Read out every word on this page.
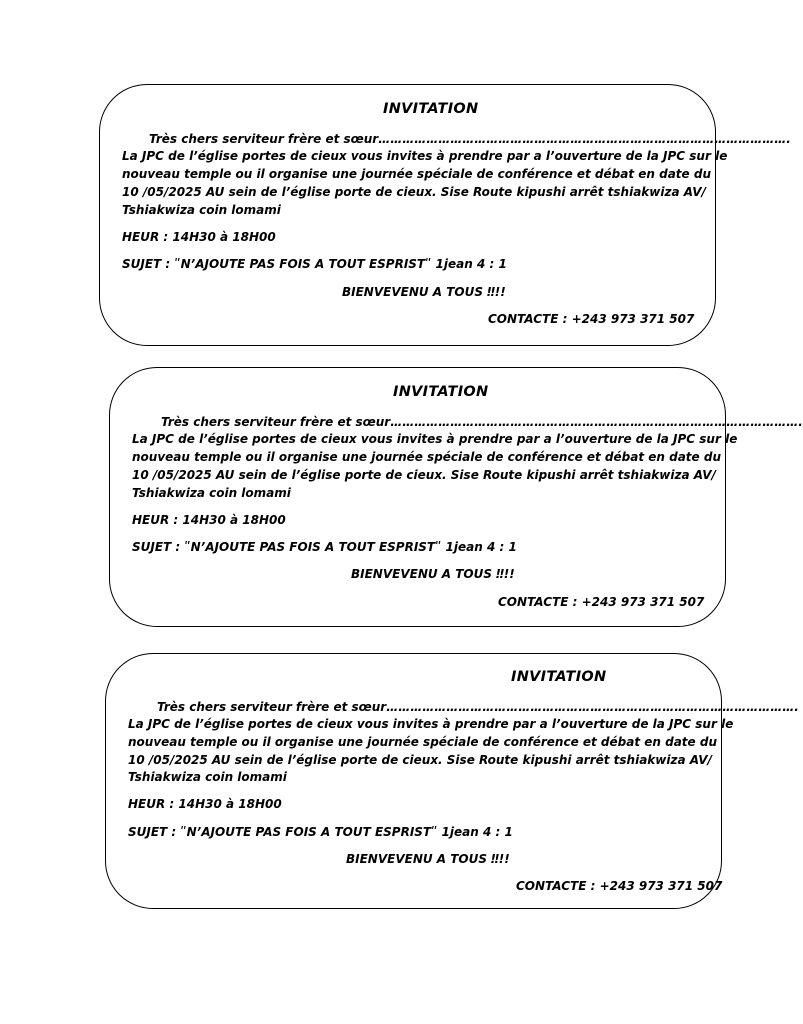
INVITATION
Très chers serviteur frère et sœur………………………………………………………………………………………….
La JPC de l’église portes de cieux vous invites à prendre par a l’ouverture de la JPC sur le
nouveau temple ou il organise une journée spéciale de conférence et débat en date du
10 /05/2025 AU sein de l’église porte de cieux. Sise Route kipushi arrêt tshiakwiza AV/
Tshiakwiza coin lomami
HEUR : 14H30 à 18H00
SUJET : ʺN’AJOUTE PAS FOIS A TOUT ESPRISTʺ 1jean 4 : 1
BIENVEVENU A TOUS ‼!!
CONTACTE : +243 973 371 507
INVITATION
Très chers serviteur frère et sœur………………………………………………………………………………………….
La JPC de l’église portes de cieux vous invites à prendre par a l’ouverture de la JPC sur le
nouveau temple ou il organise une journée spéciale de conférence et débat en date du
10 /05/2025 AU sein de l’église porte de cieux. Sise Route kipushi arrêt tshiakwiza AV/
Tshiakwiza coin lomami
HEUR : 14H30 à 18H00
SUJET : ʺN’AJOUTE PAS FOIS A TOUT ESPRISTʺ 1jean 4 : 1
BIENVEVENU A TOUS ‼!!
CONTACTE : +243 973 371 507
INVITATION
Très chers serviteur frère et sœur………………………………………………………………………………………….
La JPC de l’église portes de cieux vous invites à prendre par a l’ouverture de la JPC sur le
nouveau temple ou il organise une journée spéciale de conférence et débat en date du
10 /05/2025 AU sein de l’église porte de cieux. Sise Route kipushi arrêt tshiakwiza AV/
Tshiakwiza coin lomami
HEUR : 14H30 à 18H00
SUJET : ʺN’AJOUTE PAS FOIS A TOUT ESPRISTʺ 1jean 4 : 1
BIENVEVENU A TOUS ‼!!
CONTACTE : +243 973 371 507
